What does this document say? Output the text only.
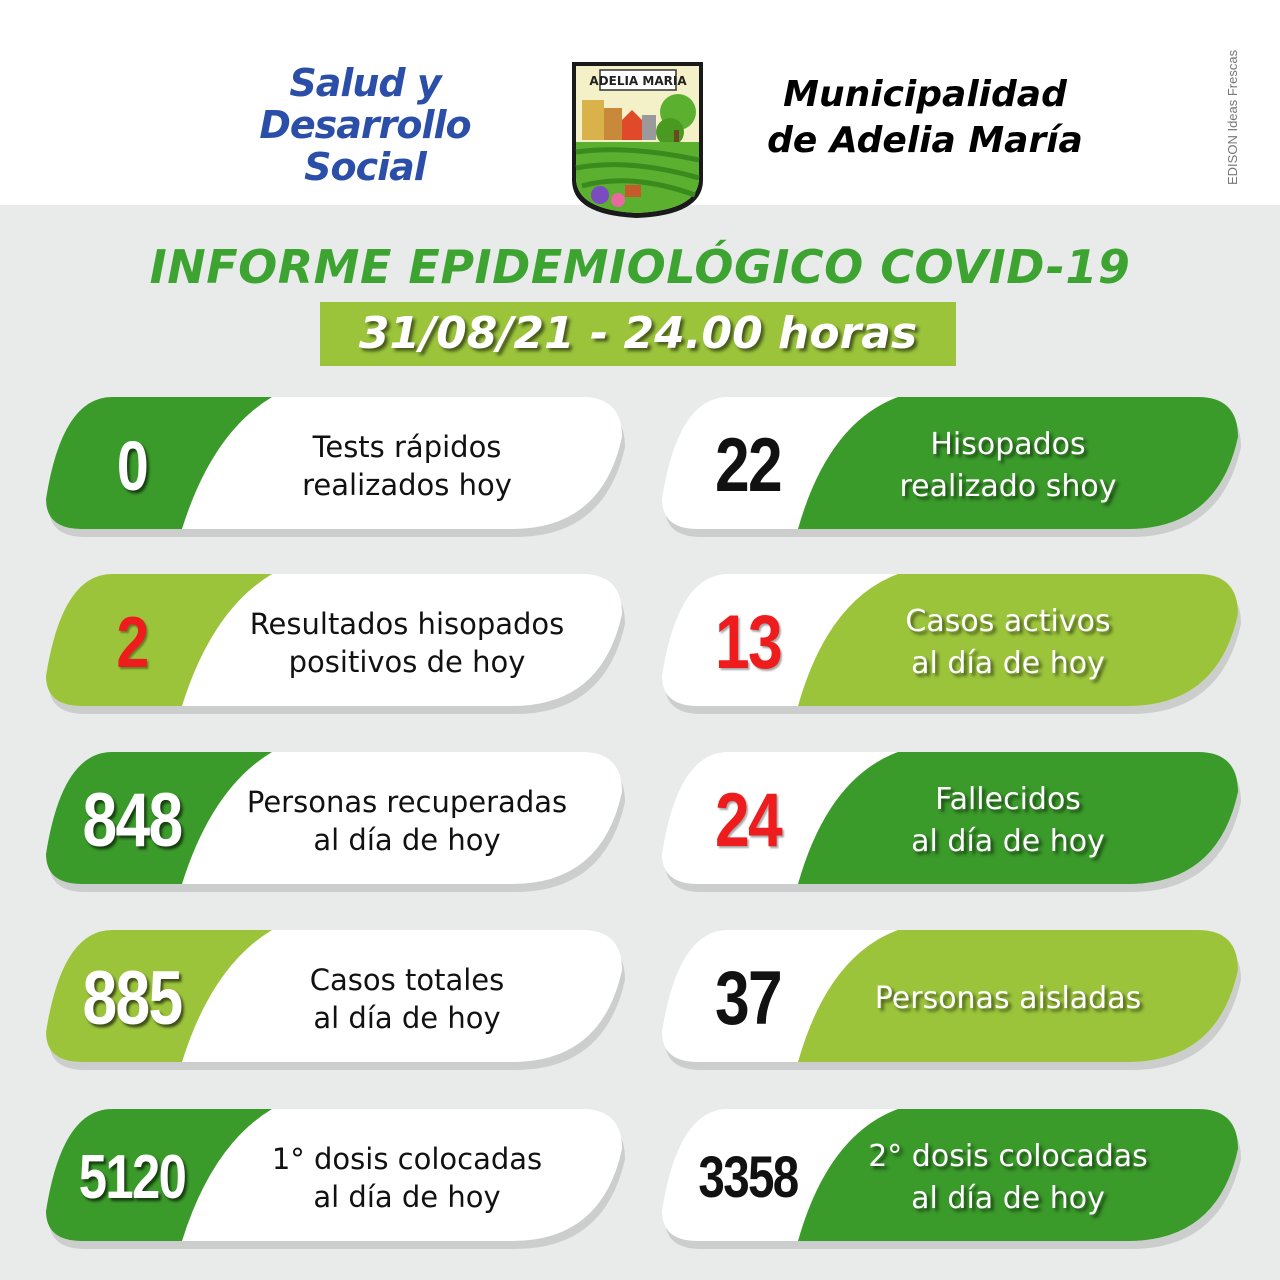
Salud y
Desarrollo
Social
ADELIA MARIA	Municipalidad
de Adelia María	EDISON Ideas Frescas
INFORME EPIDEMIOLÓGICO COVID-19
31/08/21 - 24.00 horas
0	Tests rápidos
realizados hoy	22	Hisopados
realizado shoy
2	Resultados hisopados
positivos de hoy	13	Casos activos
al día de hoy
848 Personas recuperadas
al día de hoy	24	Fallecidos
al día de hoy
885	Casos totales
al día de hoy	37	Personas aisladas
5120	1° dosis colocadas
al día de hoy	3358	2° dosis colocadas
al día de hoy
